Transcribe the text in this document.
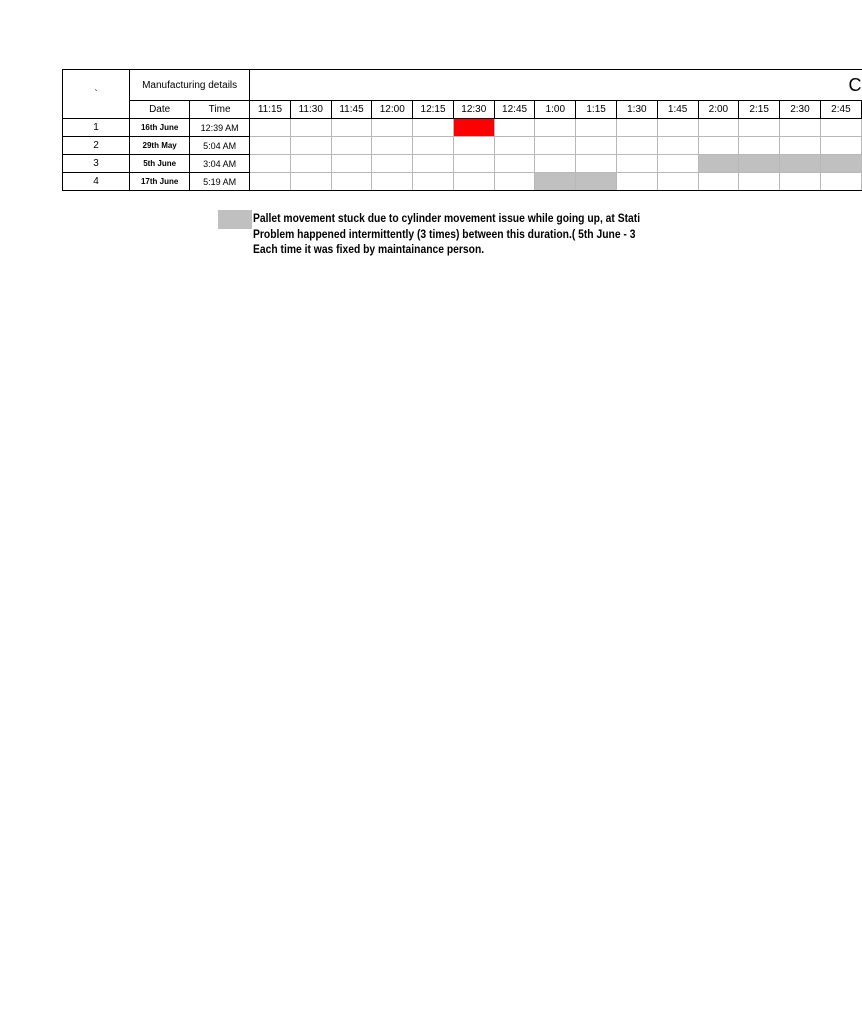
`	Manufacturing details		C														
	Date	Time	11:15	11:30	11:45	12:00	12:15	12:30	12:45	1:00	1:15	1:30	1:45	2:00	2:15	2:30	2:45
1	16th June	12:39 AM															
2	29th May	5:04 AM															
3	5th June	3:04 AM															
4	17th June	5:19 AM															
Pallet movement stuck due to cylinder movement issue while going up, at Stati
Problem happened intermittently (3 times) between this duration.( 5th June - 3
Each time it was fixed by maintainance person.
